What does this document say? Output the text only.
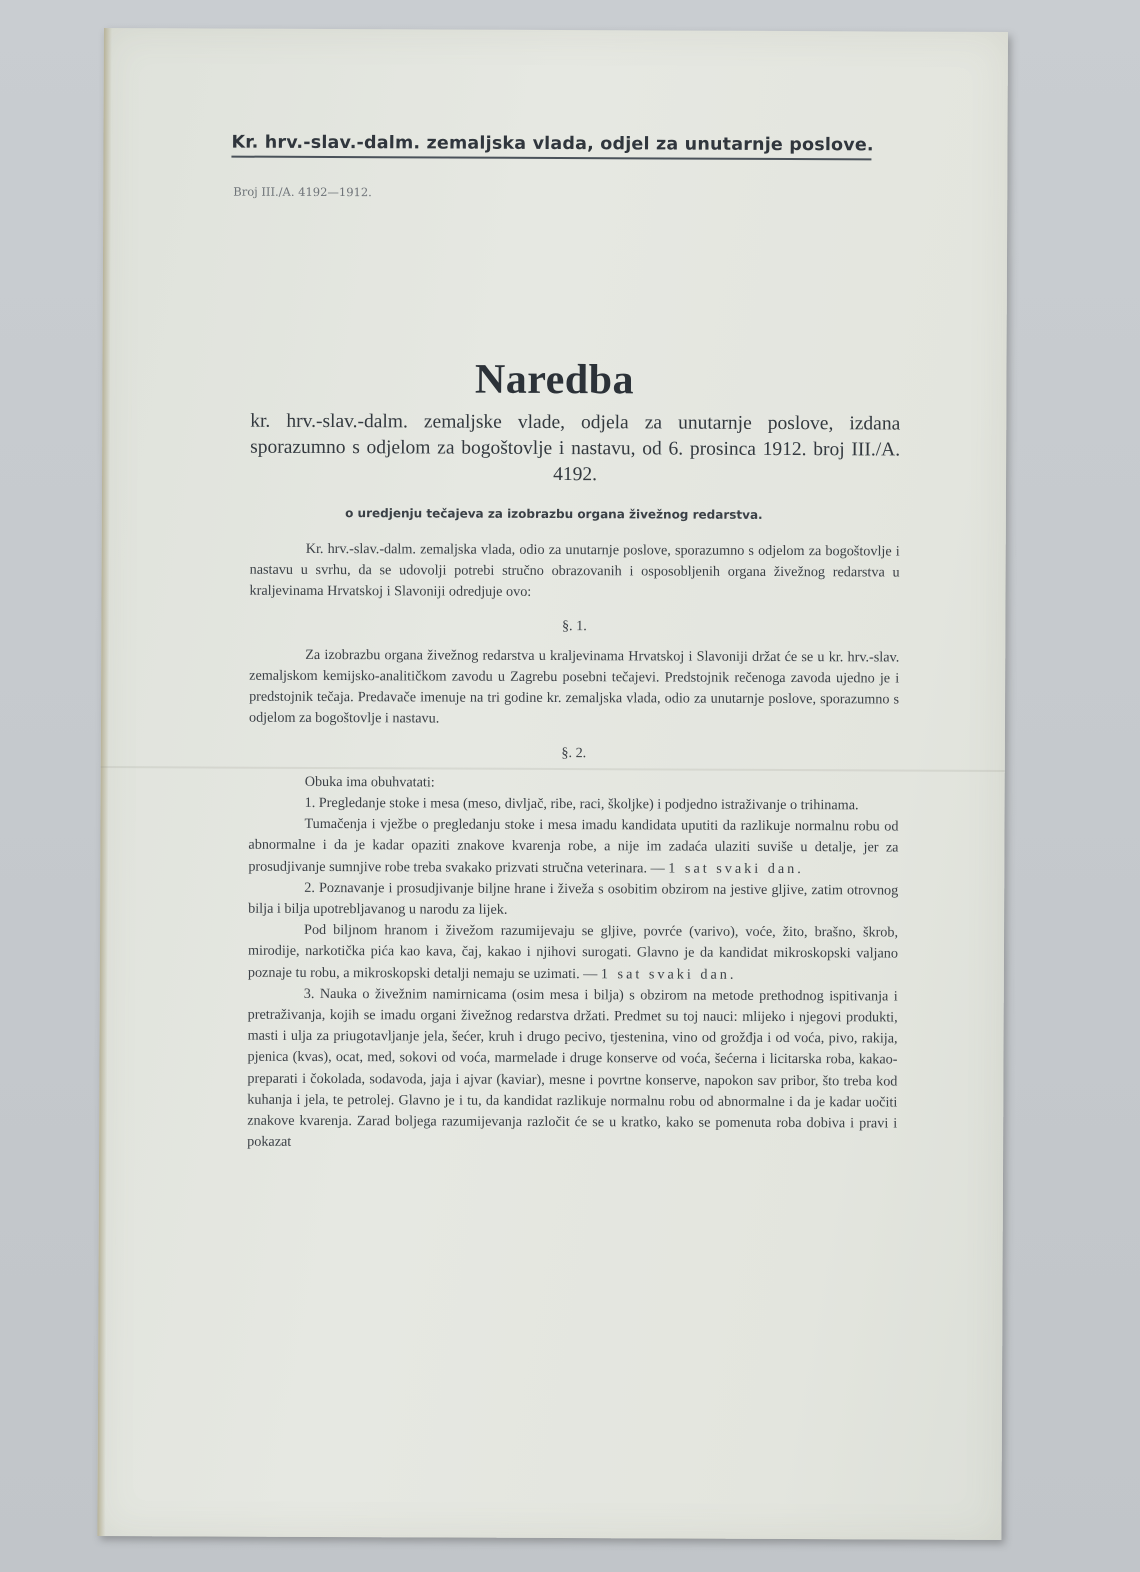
Kr. hrv.-slav.-dalm. zemaljska vlada, odjel za unutarnje poslove.
Broj III./A. 4192—1912.
Naredba
kr. hrv.-slav.-dalm. zemaljske vlade, odjela za unutarnje poslove, izdana sporazumno s odjelom za bogoštovlje i nastavu, od 6. prosinca 1912. broj III./A. 4192.
o uredjenju tečajeva za izobrazbu organa živežnog redarstva.

Kr. hrv.-slav.-dalm. zemaljska vlada, odio za unutarnje poslove, sporazumno s odjelom za bogoštovlje i nastavu u svrhu, da se udovolji potrebi stručno obrazovanih i osposobljenih organa živežnog redarstva u kraljevinama Hrvatskoj i Slavoniji odredjuje ovo:

§. 1.

Za izobrazbu organa živežnog redarstva u kraljevinama Hrvatskoj i Slavoniji držat će se u kr. hrv.-slav. zemaljskom kemijsko-analitičkom zavodu u Zagrebu posebni tečajevi. Predstojnik rečenoga zavoda ujedno je i predstojnik tečaja. Predavače imenuje na tri godine kr. zemaljska vlada, odio za unutarnje poslove, sporazumno s odjelom za bogoštovlje i nastavu.

§. 2.

Obuka ima obuhvatati:

1. Pregledanje stoke i mesa (meso, divljač, ribe, raci, školjke) i podjedno istraživanje o trihinama.

Tumačenja i vježbe o pregledanju stoke i mesa imadu kandidata uputiti da razlikuje normalnu robu od abnormalne i da je kadar opaziti znakove kvarenja robe, a nije im zadaća ulaziti suviše u detalje, jer za prosudjivanje sumnjive robe treba svakako prizvati stručna veterinara. — 1 sat svaki dan.

2. Poznavanje i prosudjivanje biljne hrane i živeža s osobitim obzirom na jestive gljive, zatim otrovnog bilja i bilja upotrebljavanog u narodu za lijek.

Pod biljnom hranom i živežom razumijevaju se gljive, povrće (varivo), voće, žito, brašno, škrob, mirodije, narkotička pića kao kava, čaj, kakao i njihovi surogati. Glavno je da kandidat mikroskopski valjano poznaje tu robu, a mikroskopski detalji nemaju se uzimati. — 1 sat svaki dan.

3. Nauka o živežnim namirnicama (osim mesa i bilja) s obzirom na metode prethodnog ispitivanja i pretraživanja, kojih se imadu organi živežnog redarstva držati. Predmet su toj nauci: mlijeko i njegovi produkti, masti i ulja za priugotavljanje jela, šećer, kruh i drugo pecivo, tjestenina, vino od grožđja i od voća, pivo, rakija, pjenica (kvas), ocat, med, sokovi od voća, marmelade i druge konserve od voća, šećerna i licitarska roba, kakao-preparati i čokolada, sodavoda, jaja i ajvar (kaviar), mesne i povrtne konserve, napokon sav pribor, što treba kod kuhanja i jela, te petrolej. Glavno je i tu, da kandidat razlikuje normalnu robu od abnormalne i da je kadar uočiti znakove kvarenja. Zarad boljega razumijevanja razločit će se u kratko, kako se pomenuta roba dobiva i pravi i pokazat
